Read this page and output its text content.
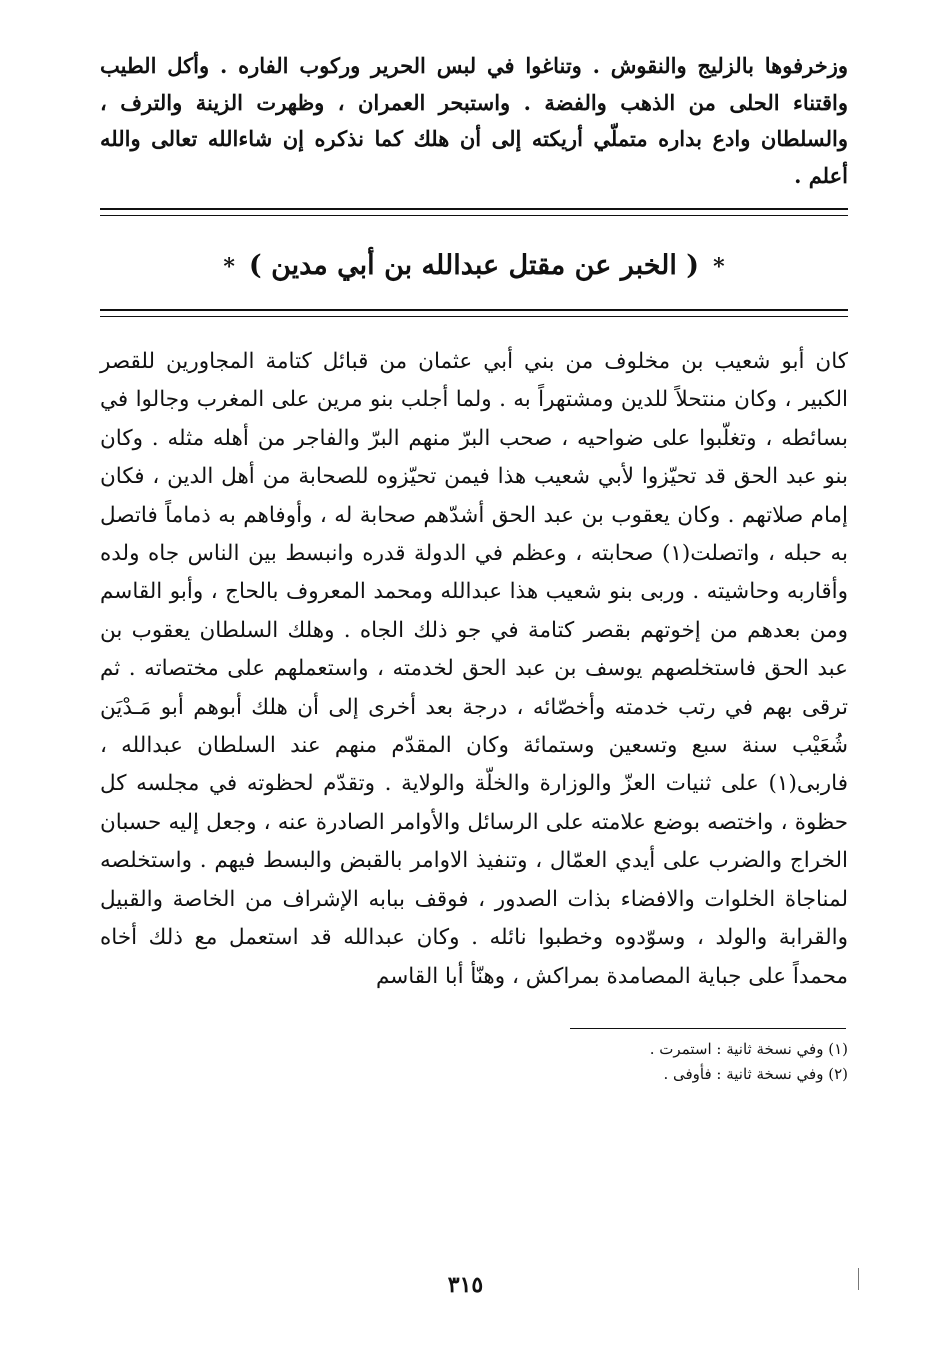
وزخرفوها بالزليج والنقوش . وتناغوا في لبس الحرير وركوب الفاره . وأكل الطيب واقتناء الحلى من الذهب والفضة . واستبحر العمران ، وظهرت الزينة والترف ، والسلطان وادع بداره متملّي أريكته إلى أن هلك كما نذكره إن شاءالله تعالى والله أعلم .

*( الخبر عن مقتل عبدالله بن أبي مدين )*

كان أبو شعيب بن مخلوف من بني أبي عثمان من قبائل كتامة المجاورين للقصر الكبير ، وكان منتحلاً للدين ومشتهراً به . ولما أجلب بنو مرين على المغرب وجالوا في بسائطه ، وتغلّبوا على ضواحيه ، صحب البرّ منهم البرّ والفاجر من أهله مثله . وكان بنو عبد الحق قد تحيّزوا لأبي شعيب هذا فيمن تحيّزوه للصحابة من أهل الدين ، فكان إمام صلاتهم . وكان يعقوب بن عبد الحق أشدّهم صحابة له ، وأوفاهم به ذماماً فاتصل به حبله ، واتصلت(١) صحابته ، وعظم في الدولة قدره وانبسط بين الناس جاه ولده وأقاربه وحاشيته . وربى بنو شعيب هذا عبدالله ومحمد المعروف بالحاج ، وأبو القاسم ومن بعدهم من إخوتهم بقصر كتامة في جو ذلك الجاه . وهلك السلطان يعقوب بن عبد الحق فاستخلصهم يوسف بن عبد الحق لخدمته ، واستعملهم على مختصاته . ثم ترقى بهم في رتب خدمته وأخصّائه ، درجة بعد أخرى إلى أن هلك أبوهم أبو مَـدْيَن شُعَيْب سنة سبع وتسعين وستمائة وكان المقدّم منهم عند السلطان عبدالله ، فاربى(١) على ثنيات العزّ والوزارة والخلّة والولاية . وتقدّم لحظوته في مجلسه كل حظوة ، واختصه بوضع علامته على الرسائل والأوامر الصادرة عنه ، وجعل إليه حسبان الخراج والضرب على أيدي العمّال ، وتنفيذ الاوامر بالقبض والبسط فيهم . واستخلصه لمناجاة الخلوات والافضاء بذات الصدور ، فوقف ببابه الإشراف من الخاصة والقبيل والقرابة والولد ، وسوّدوه وخطبوا نائله . وكان عبدالله قد استعمل مع ذلك أخاه محمداً على جباية المصامدة بمراكش ، وهنّأ أبا القاسم

(١) وفي نسخة ثانية : استمرت .
(٢) وفي نسخة ثانية : فأوفى .
٣١٥
